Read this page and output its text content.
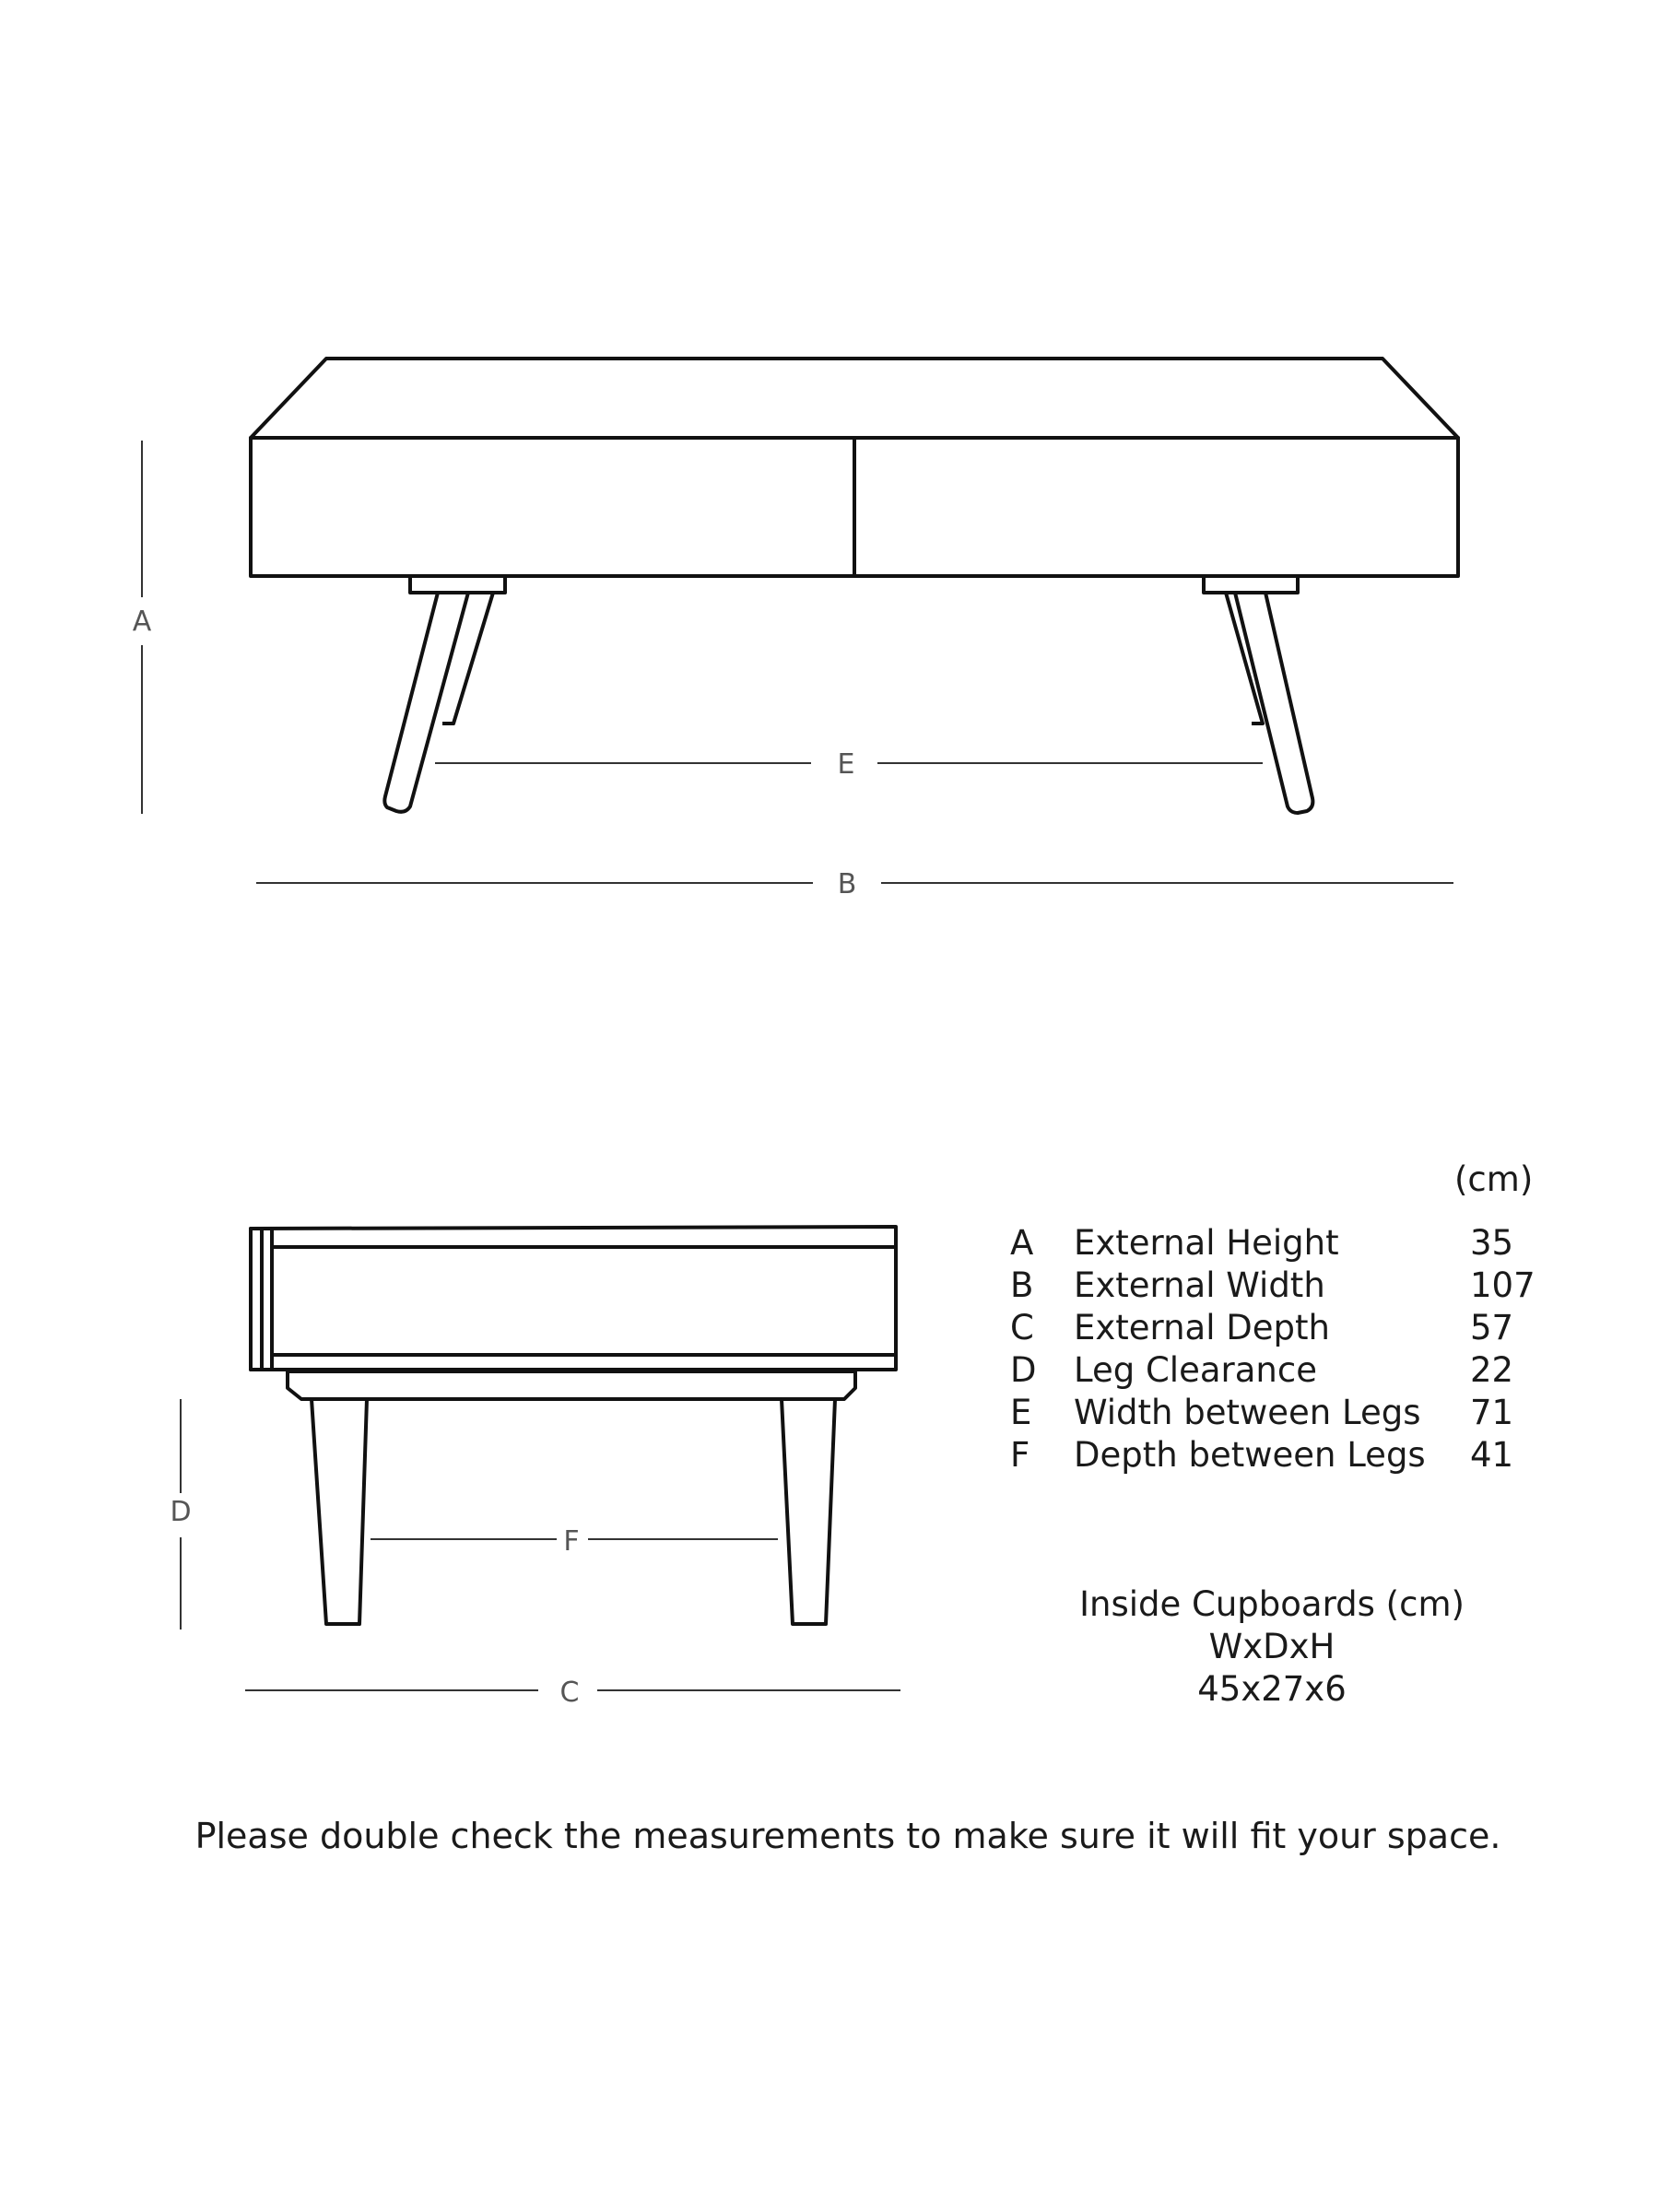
A
E
B
D
F
C
(cm)
A	External Height	35
B	External Width	107
C	External Depth	57
D	Leg Clearance	22
E	Width between Legs 71
F	Depth between Legs 41
Inside Cupboards (cm)
WxDxH
45x27x6
Please double check the measurements to make sure it will fit your space.
